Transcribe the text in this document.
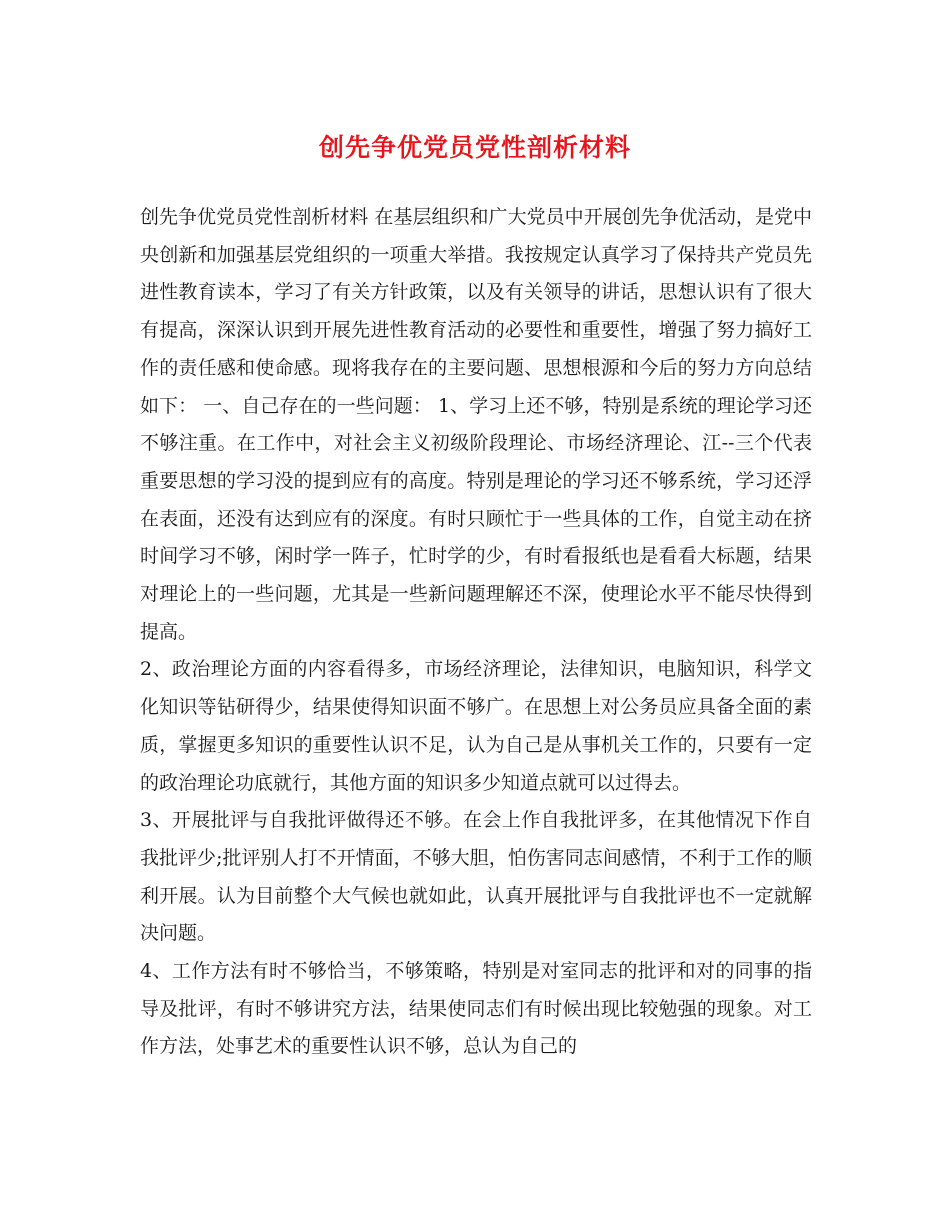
创先争优党员党性剖析材料

创先争优党员党性剖析材料 在基层组织和广大党员中开展创先争优活动，是党中央创新和加强基层党组织的一项重大举措。我按规定认真学习了保持共产党员先进性教育读本，学习了有关方针政策，以及有关领导的讲话，思想认识有了很大有提高，深深认识到开展先进性教育活动的必要性和重要性，增强了努力搞好工作的责任感和使命感。现将我存在的主要问题、思想根源和今后的努力方向总结如下： 一、自己存在的一些问题： 1、学习上还不够，特别是系统的理论学习还不够注重。在工作中，对社会主义初级阶段理论、市场经济理论、江--三个代表重要思想的学习没的提到应有的高度。特别是理论的学习还不够系统，学习还浮在表面，还没有达到应有的深度。有时只顾忙于一些具体的工作，自觉主动在挤时间学习不够，闲时学一阵子，忙时学的少，有时看报纸也是看看大标题，结果对理论上的一些问题，尤其是一些新问题理解还不深，使理论水平不能尽快得到提高。

2、政治理论方面的内容看得多，市场经济理论，法律知识，电脑知识，科学文化知识等钻研得少，结果使得知识面不够广。在思想上对公务员应具备全面的素质，掌握更多知识的重要性认识不足，认为自己是从事机关工作的，只要有一定的政治理论功底就行，其他方面的知识多少知道点就可以过得去。

3、开展批评与自我批评做得还不够。在会上作自我批评多，在其他情况下作自我批评少;批评别人打不开情面，不够大胆，怕伤害同志间感情，不利于工作的顺利开展。认为目前整个大气候也就如此，认真开展批评与自我批评也不一定就解决问题。

4、工作方法有时不够恰当，不够策略，特别是对室同志的批评和对的同事的指导及批评，有时不够讲究方法，结果使同志们有时候出现比较勉强的现象。对工作方法，处事艺术的重要性认识不够，总认为自己的
